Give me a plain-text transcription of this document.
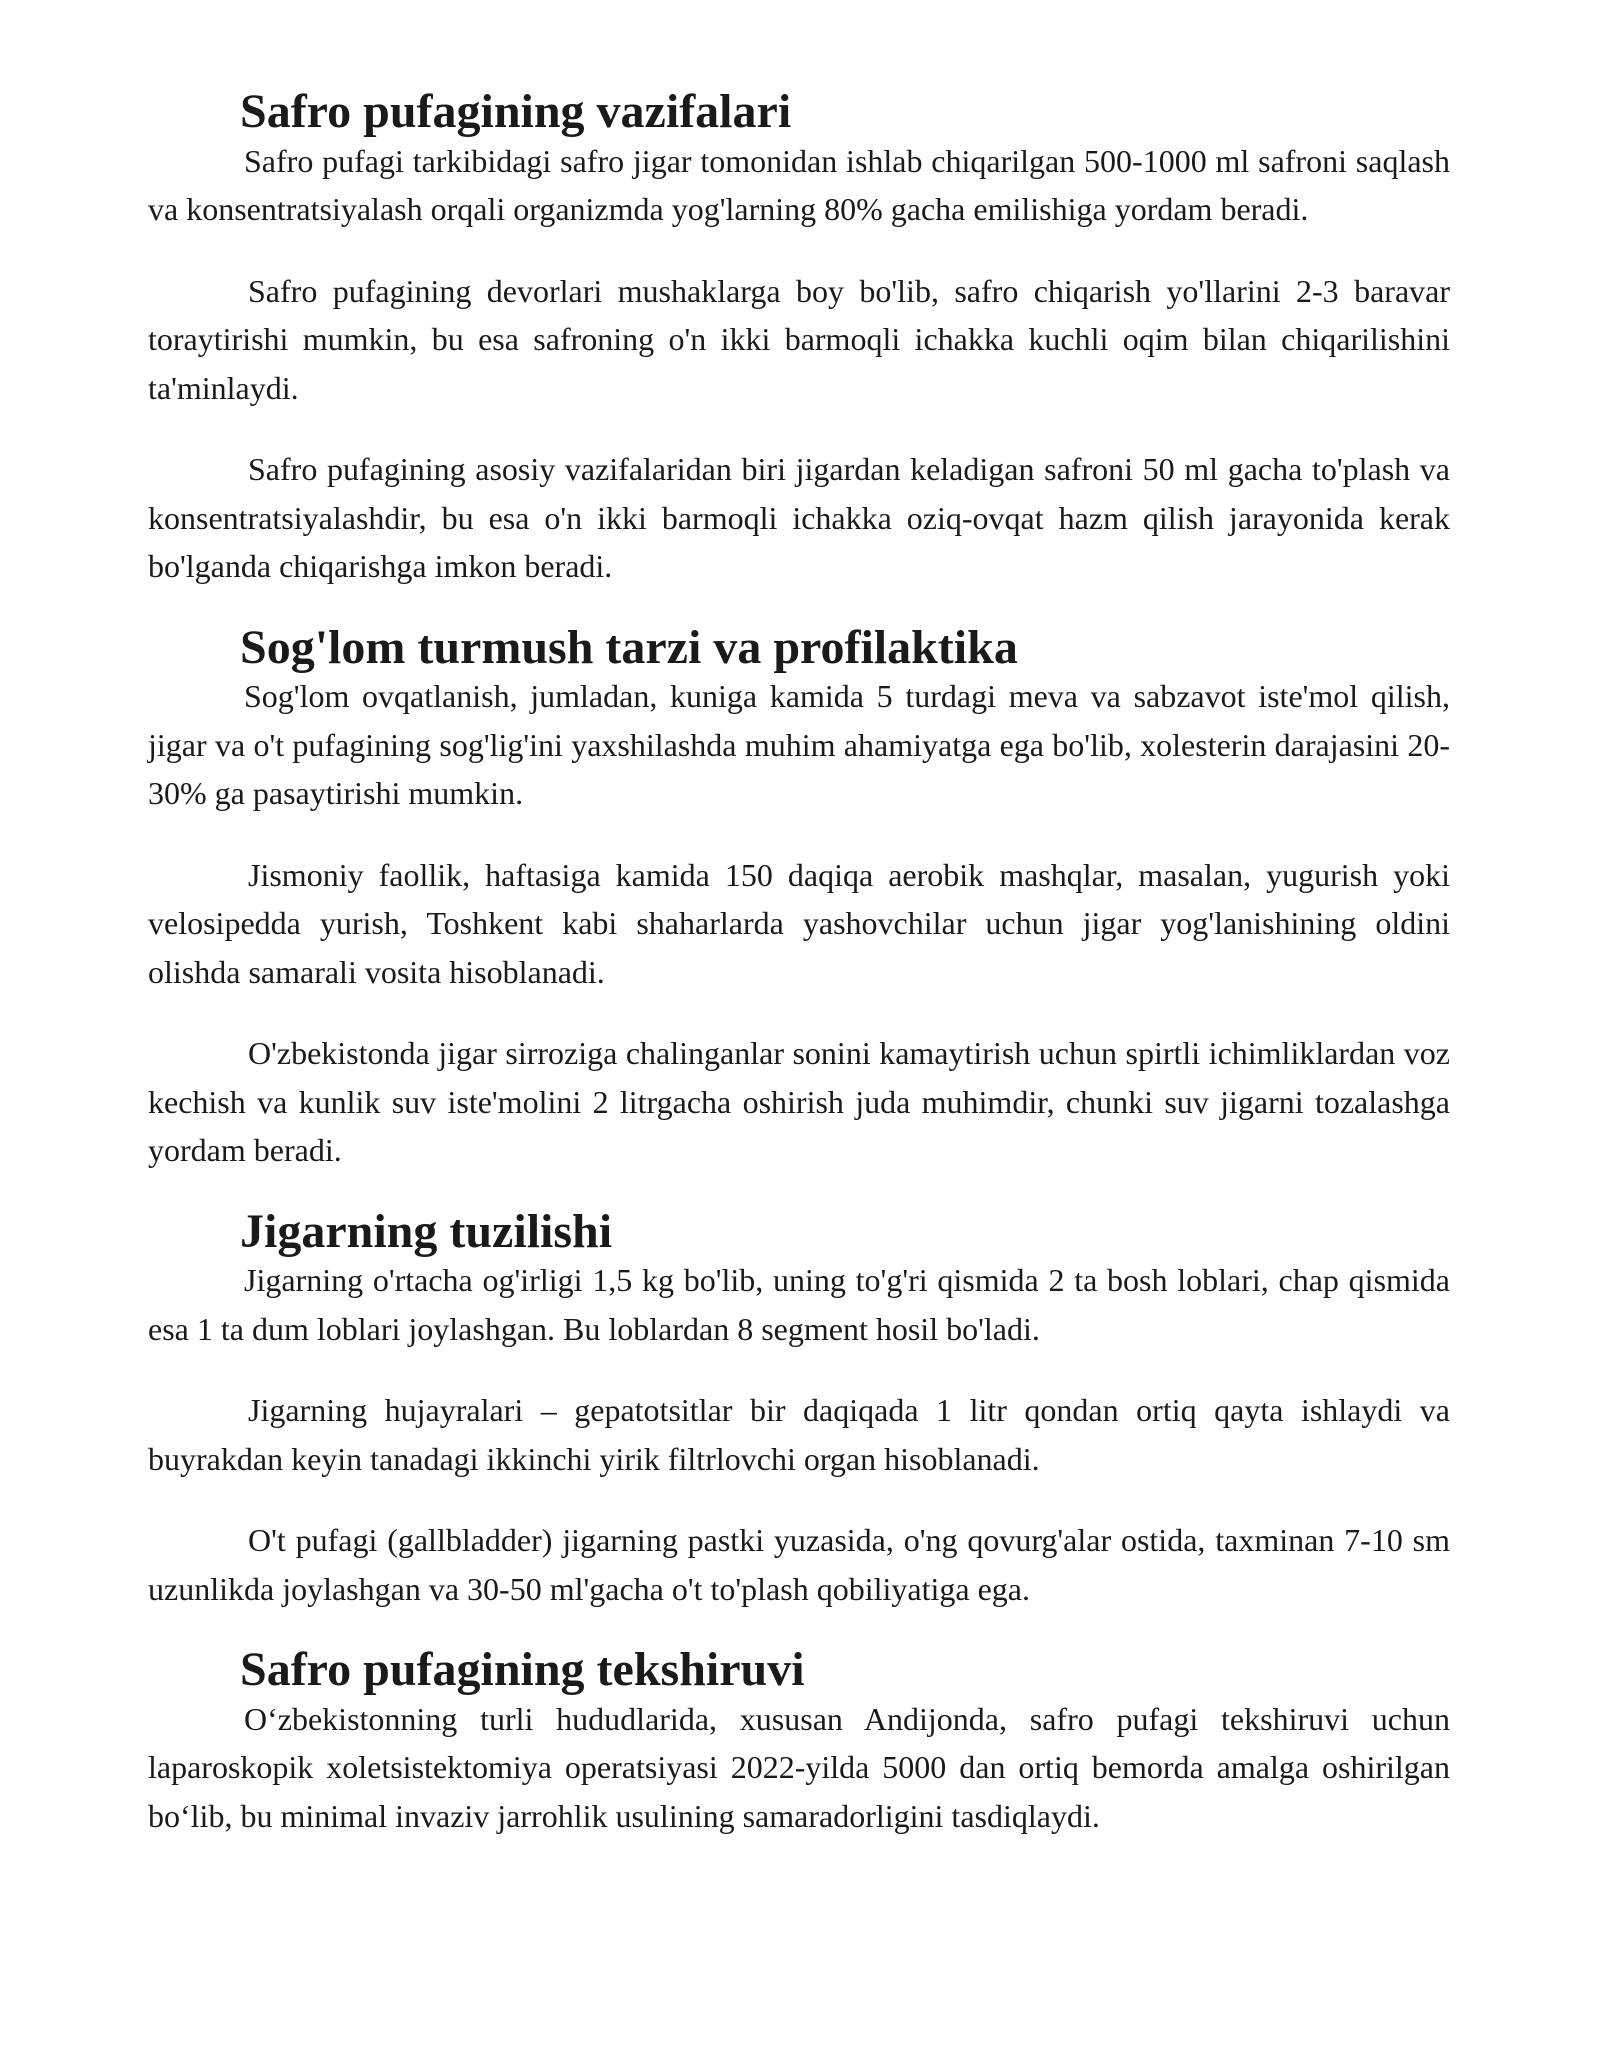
Safro pufagining vazifalari

Safro pufagi tarkibidagi safro jigar tomonidan ishlab chiqarilgan 500-1000 ml safroni saqlash va konsentratsiyalash orqali organizmda yog'larning 80% gacha emilishiga yordam beradi.

Safro pufagining devorlari mushaklarga boy bo'lib, safro chiqarish yo'llarini 2-3 baravar toraytirishi mumkin, bu esa safroning o'n ikki barmoqli ichakka kuchli oqim bilan chiqarilishini ta'minlaydi.

Safro pufagining asosiy vazifalaridan biri jigardan keladigan safroni 50 ml gacha to'plash va konsentratsiyalashdir, bu esa o'n ikki barmoqli ichakka oziq-ovqat hazm qilish jarayonida kerak bo'lganda chiqarishga imkon beradi.

Sog'lom turmush tarzi va profilaktika

Sog'lom ovqatlanish, jumladan, kuniga kamida 5 turdagi meva va sabzavot iste'mol qilish, jigar va o't pufagining sog'lig'ini yaxshilashda muhim ahamiyatga ega bo'lib, xolesterin darajasini 20-30% ga pasaytirishi mumkin.

Jismoniy faollik, haftasiga kamida 150 daqiqa aerobik mashqlar, masalan, yugurish yoki velosipedda yurish, Toshkent kabi shaharlarda yashovchilar uchun jigar yog'lanishining oldini olishda samarali vosita hisoblanadi.

O'zbekistonda jigar sirroziga chalinganlar sonini kamaytirish uchun spirtli ichimliklardan voz kechish va kunlik suv iste'molini 2 litrgacha oshirish juda muhimdir, chunki suv jigarni tozalashga yordam beradi.

Jigarning tuzilishi

Jigarning o'rtacha og'irligi 1,5 kg bo'lib, uning to'g'ri qismida 2 ta bosh loblari, chap qismida esa 1 ta dum loblari joylashgan. Bu loblardan 8 segment hosil bo'ladi.

Jigarning hujayralari – gepatotsitlar bir daqiqada 1 litr qondan ortiq qayta ishlaydi va buyrakdan keyin tanadagi ikkinchi yirik filtrlovchi organ hisoblanadi.

O't pufagi (gallbladder) jigarning pastki yuzasida, o'ng qovurg'alar ostida, taxminan 7-10 sm uzunlikda joylashgan va 30-50 ml'gacha o't to'plash qobiliyatiga ega.

Safro pufagining tekshiruvi

O‘zbekistonning turli hududlarida, xususan Andijonda, safro pufagi tekshiruvi uchun laparoskopik xoletsistektomiya operatsiyasi 2022-yilda 5000 dan ortiq bemorda amalga oshirilgan bo‘lib, bu minimal invaziv jarrohlik usulining samaradorligini tasdiqlaydi.
